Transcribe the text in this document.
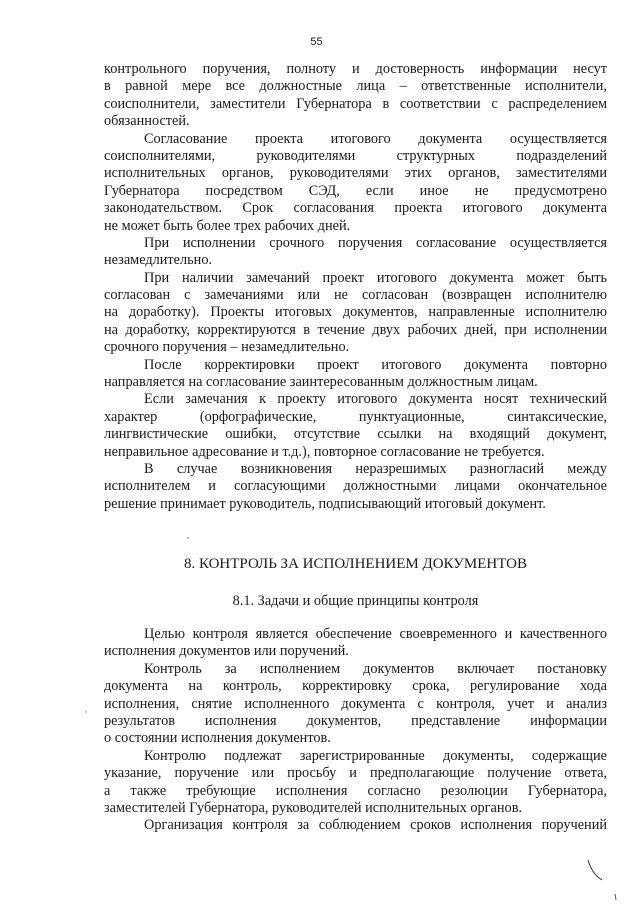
55
контрольного поручения, полноту и достоверность информации несут
в равной мере все должностные лица – ответственные исполнители,
соисполнители, заместители Губернатора в соответствии с распределением
обязанностей.
Согласование проекта итогового документа осуществляется
соисполнителями, руководителями структурных подразделений
исполнительных органов, руководителями этих органов, заместителями
Губернатора посредством СЭД, если иное не предусмотрено
законодательством. Срок согласования проекта итогового документа
не может быть более трех рабочих дней.
При исполнении срочного поручения согласование осуществляется
незамедлительно.
При наличии замечаний проект итогового документа может быть
согласован с замечаниями или не согласован (возвращен исполнителю
на доработку). Проекты итоговых документов, направленные исполнителю
на доработку, корректируются в течение двух рабочих дней, при исполнении
срочного поручения – незамедлительно.
После корректировки проект итогового документа повторно
направляется на согласование заинтересованным должностным лицам.
Если замечания к проекту итогового документа носят технический
характер (орфографические, пунктуационные, синтаксические,
лингвистические ошибки, отсутствие ссылки на входящий документ,
неправильное адресование и т.д.), повторное согласование не требуется.
В случае возникновения неразрешимых разногласий между
исполнителем и согласующими должностными лицами окончательное
решение принимает руководитель, подписывающий итоговый документ.
8. КОНТРОЛЬ ЗА ИСПОЛНЕНИЕМ ДОКУМЕНТОВ
8.1. Задачи и общие принципы контроля
Целью контроля является обеспечение своевременного и качественного
исполнения документов или поручений.
Контроль за исполнением документов включает постановку
документа на контроль, корректировку срока, регулирование хода
исполнения, снятие исполненного документа с контроля, учет и анализ
результатов исполнения документов, представление информации
о состоянии исполнения документов.
Контролю подлежат зарегистрированные документы, содержащие
указание, поручение или просьбу и предполагающие получение ответа,
а также требующие исполнения согласно резолюции Губернатора,
заместителей Губернатора, руководителей исполнительных органов.
Организация контроля за соблюдением сроков исполнения поручений
